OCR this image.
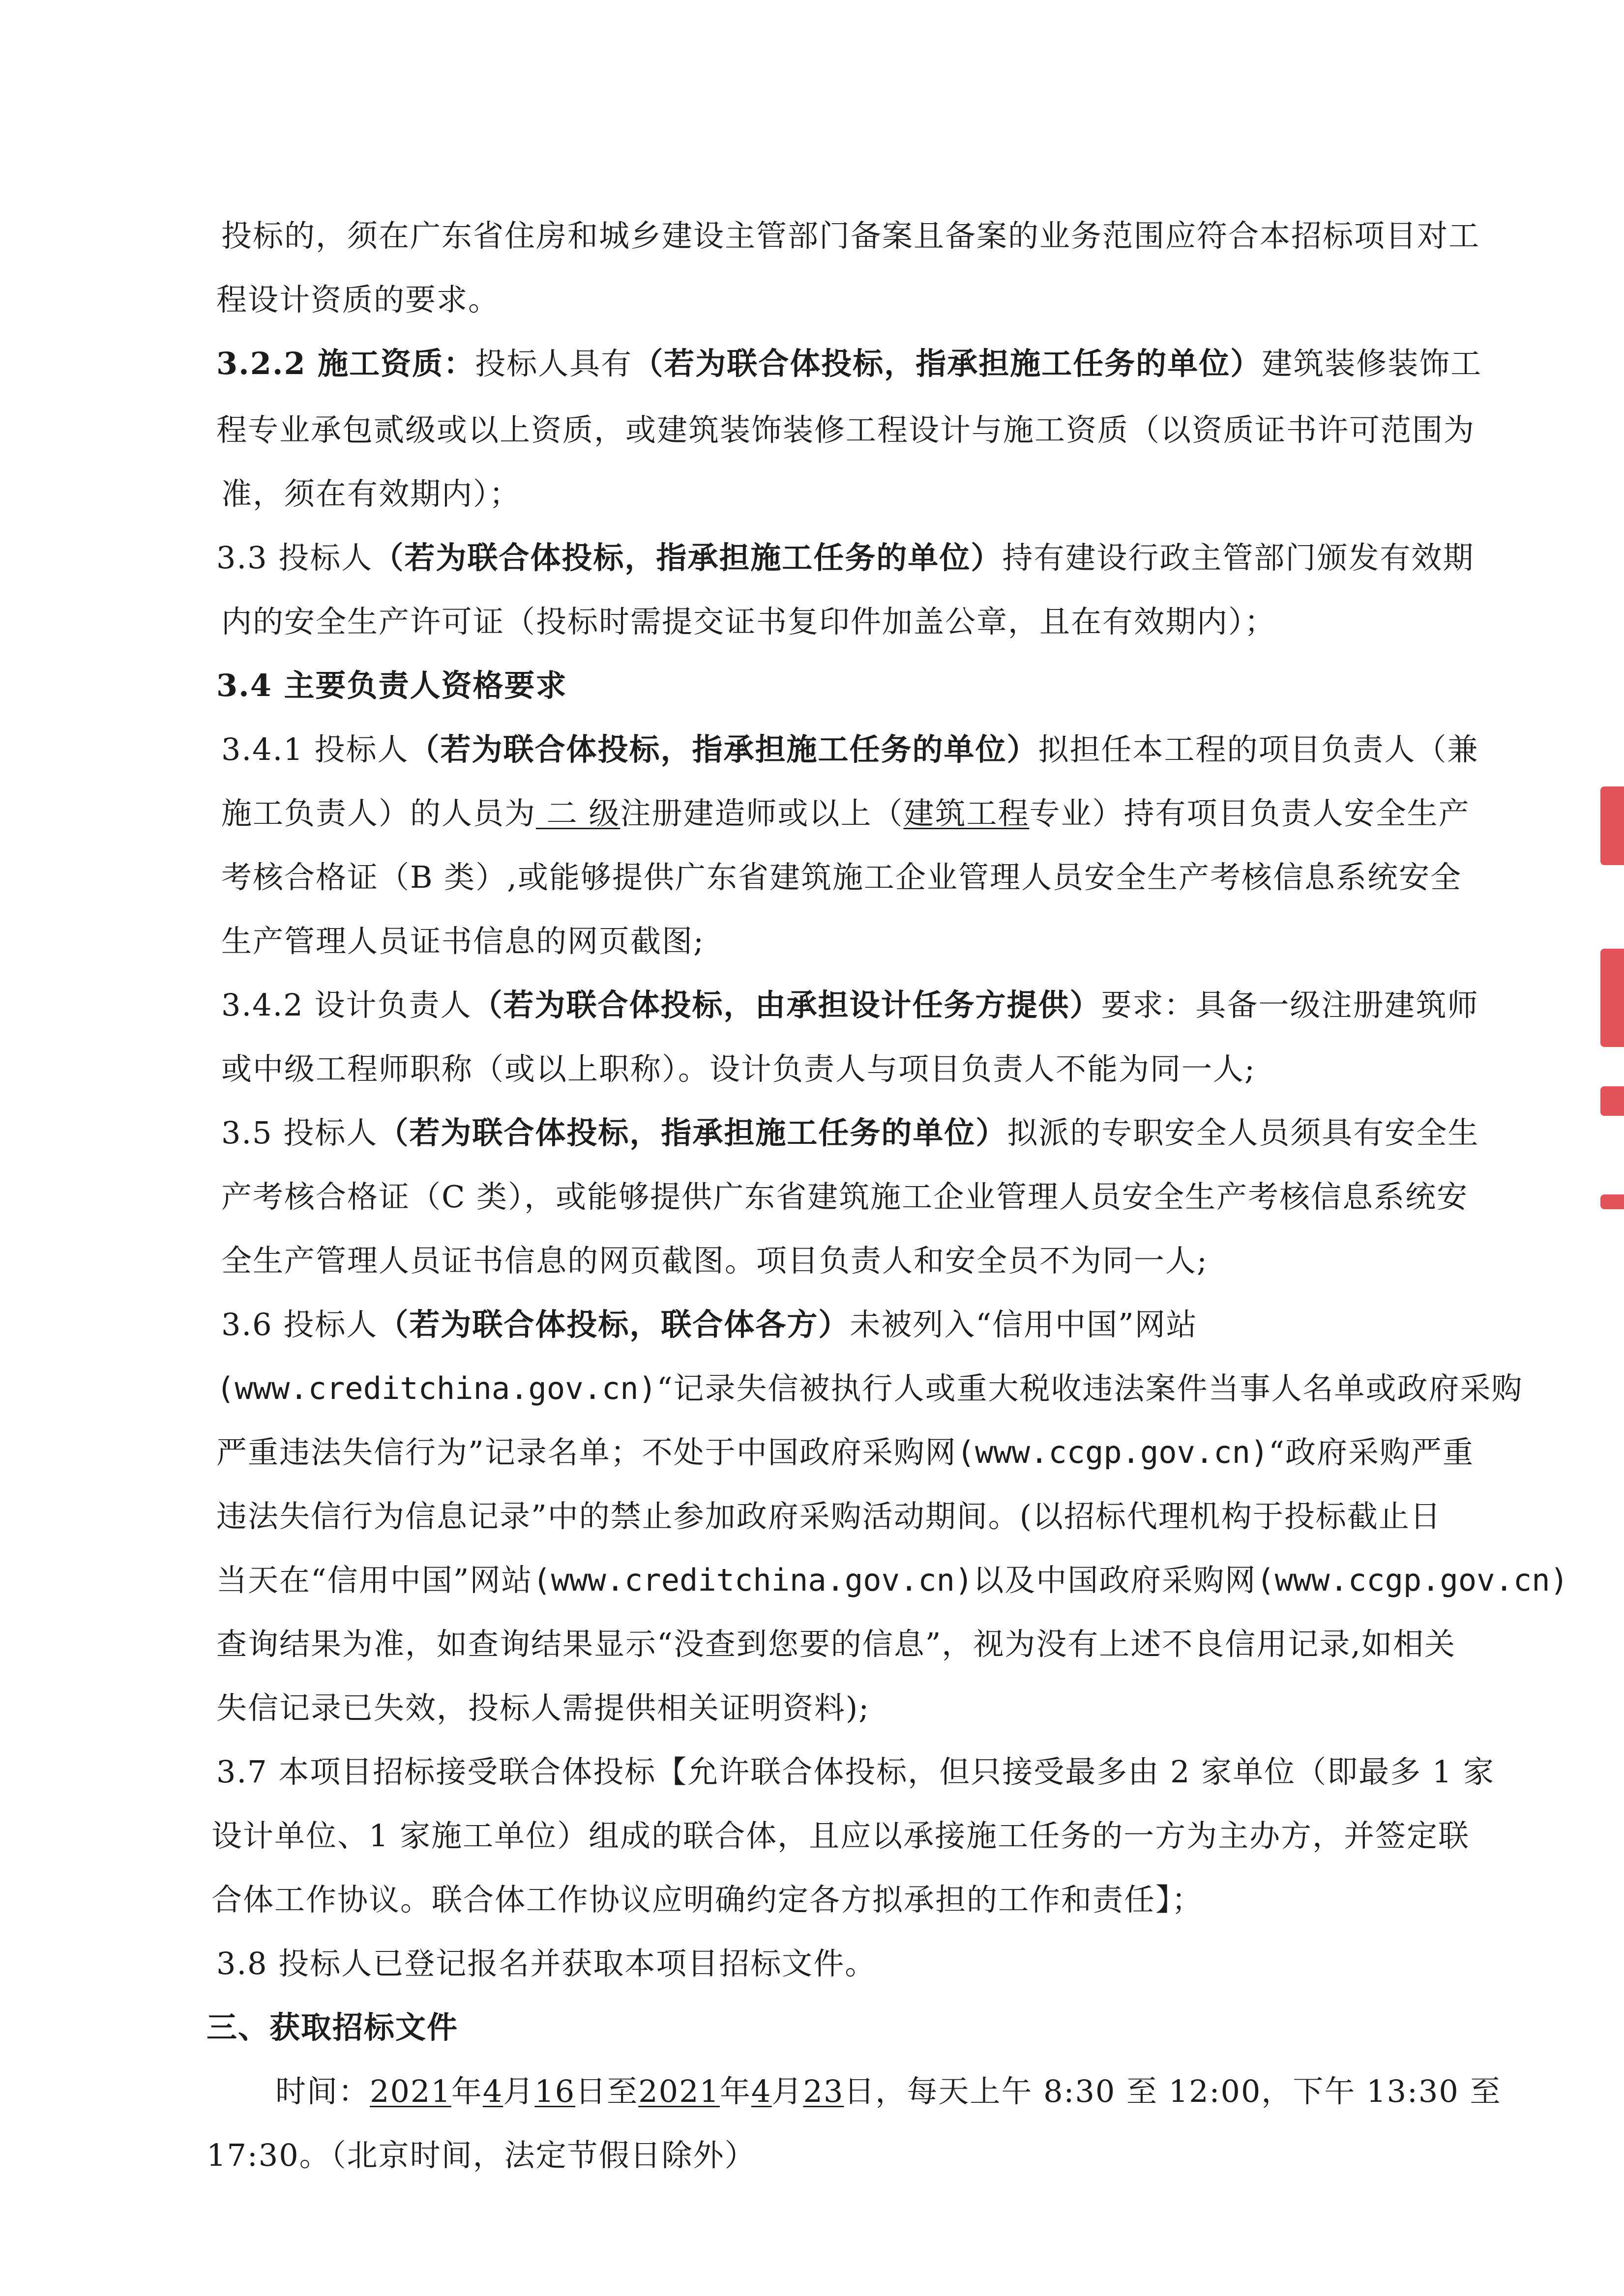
投标的，须在广东省住房和城乡建设主管部门备案且备案的业务范围应符合本招标项目对工
程设计资质的要求。
3.2.2 施工资质：投标人具有（若为联合体投标，指承担施工任务的单位）建筑装修装饰工
程专业承包贰级或以上资质，或建筑装饰装修工程设计与施工资质（以资质证书许可范围为
准，须在有效期内）；
3.3 投标人（若为联合体投标，指承担施工任务的单位）持有建设行政主管部门颁发有效期
内的安全生产许可证（投标时需提交证书复印件加盖公章，且在有效期内）；
3.4 主要负责人资格要求
3.4.1 投标人（若为联合体投标，指承担施工任务的单位）拟担任本工程的项目负责人（兼
施工负责人）的人员为 二 级注册建造师或以上（建筑工程专业）持有项目负责人安全生产
考核合格证（B 类）,或能够提供广东省建筑施工企业管理人员安全生产考核信息系统安全
生产管理人员证书信息的网页截图;
3.4.2 设计负责人（若为联合体投标，由承担设计任务方提供）要求：具备一级注册建筑师
或中级工程师职称（或以上职称）。设计负责人与项目负责人不能为同一人;
3.5 投标人（若为联合体投标，指承担施工任务的单位）拟派的专职安全人员须具有安全生
产考核合格证（C 类），或能够提供广东省建筑施工企业管理人员安全生产考核信息系统安
全生产管理人员证书信息的网页截图。项目负责人和安全员不为同一人;
3.6 投标人（若为联合体投标，联合体各方）未被列入“信用中国”网站
(www.creditchina.gov.cn)“记录失信被执行人或重大税收违法案件当事人名单或政府采购
严重违法失信行为”记录名单；不处于中国政府采购网(www.ccgp.gov.cn)“政府采购严重
违法失信行为信息记录”中的禁止参加政府采购活动期间。(以招标代理机构于投标截止日
当天在“信用中国”网站(www.creditchina.gov.cn)以及中国政府采购网(www.ccgp.gov.cn)
查询结果为准，如查询结果显示“没查到您要的信息”，视为没有上述不良信用记录,如相关
失信记录已失效，投标人需提供相关证明资料);
3.7 本项目招标接受联合体投标【允许联合体投标，但只接受最多由 2 家单位（即最多 1 家
设计单位、1 家施工单位）组成的联合体，且应以承接施工任务的一方为主办方，并签定联
合体工作协议。联合体工作协议应明确约定各方拟承担的工作和责任】；
3.8 投标人已登记报名并获取本项目招标文件。
三、获取招标文件
时间：2021年4月16日至2021年4月23日，每天上午 8:30 至 12:00，下午 13:30 至
17:30。（北京时间，法定节假日除外）
